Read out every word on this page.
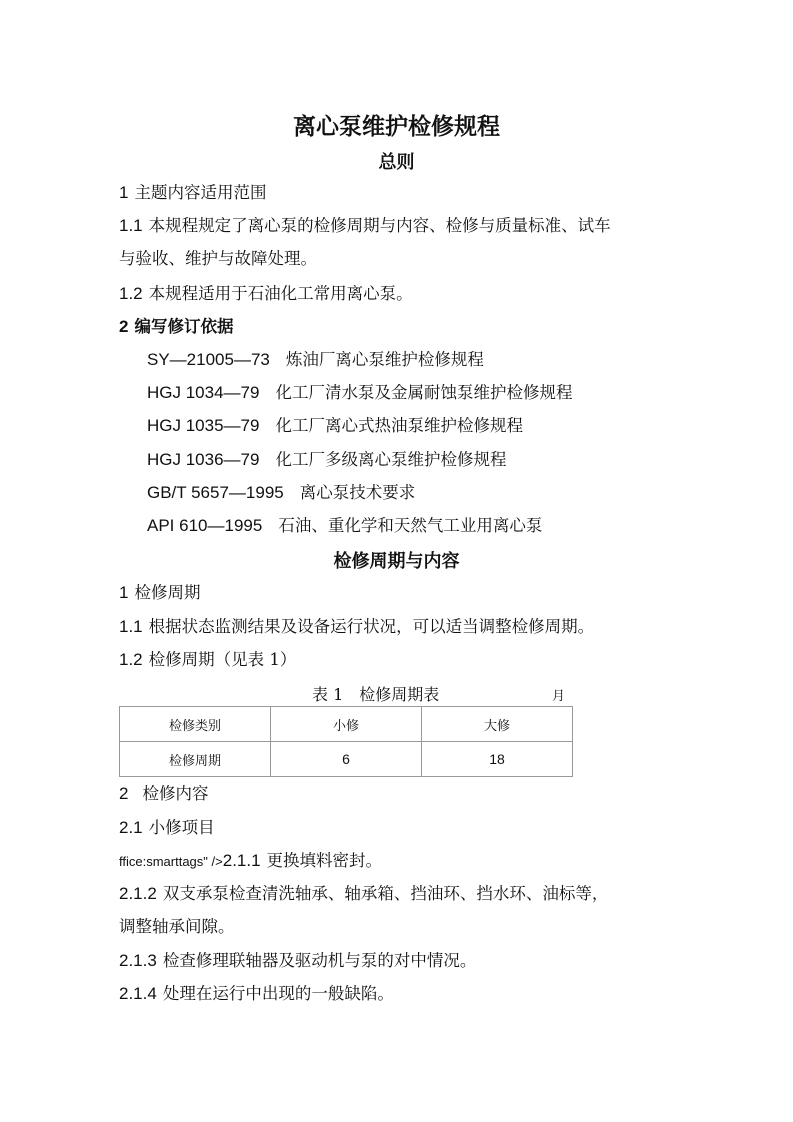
离心泵维护检修规程
总则
1 主题内容适用范围
1.1 本规程规定了离心泵的检修周期与内容、检修与质量标准、试车
与验收、维护与故障处理。
1.2 本规程适用于石油化工常用离心泵。
2 编写修订依据
SY—21005—73 炼油厂离心泵维护检修规程
HGJ 1034—79 化工厂清水泵及金属耐蚀泵维护检修规程
HGJ 1035—79 化工厂离心式热油泵维护检修规程
HGJ 1036—79 化工厂多级离心泵维护检修规程
GB/T 5657—1995 离心泵技术要求
API 610—1995 石油、重化学和天然气工业用离心泵
检修周期与内容
1 检修周期
1.1 根据状态监测结果及设备运行状况，可以适当调整检修周期。
1.2 检修周期（见表 1）
表 1　检修周期表	月
检修类别	小修	大修
检修周期	6	18
2 检修内容
2.1 小修项目
ffice:smarttags" />2.1.1 更换填料密封。
2.1.2 双支承泵检查清洗轴承、轴承箱、挡油环、挡水环、油标等，
调整轴承间隙。
2.1.3 检查修理联轴器及驱动机与泵的对中情况。
2.1.4 处理在运行中出现的一般缺陷。
